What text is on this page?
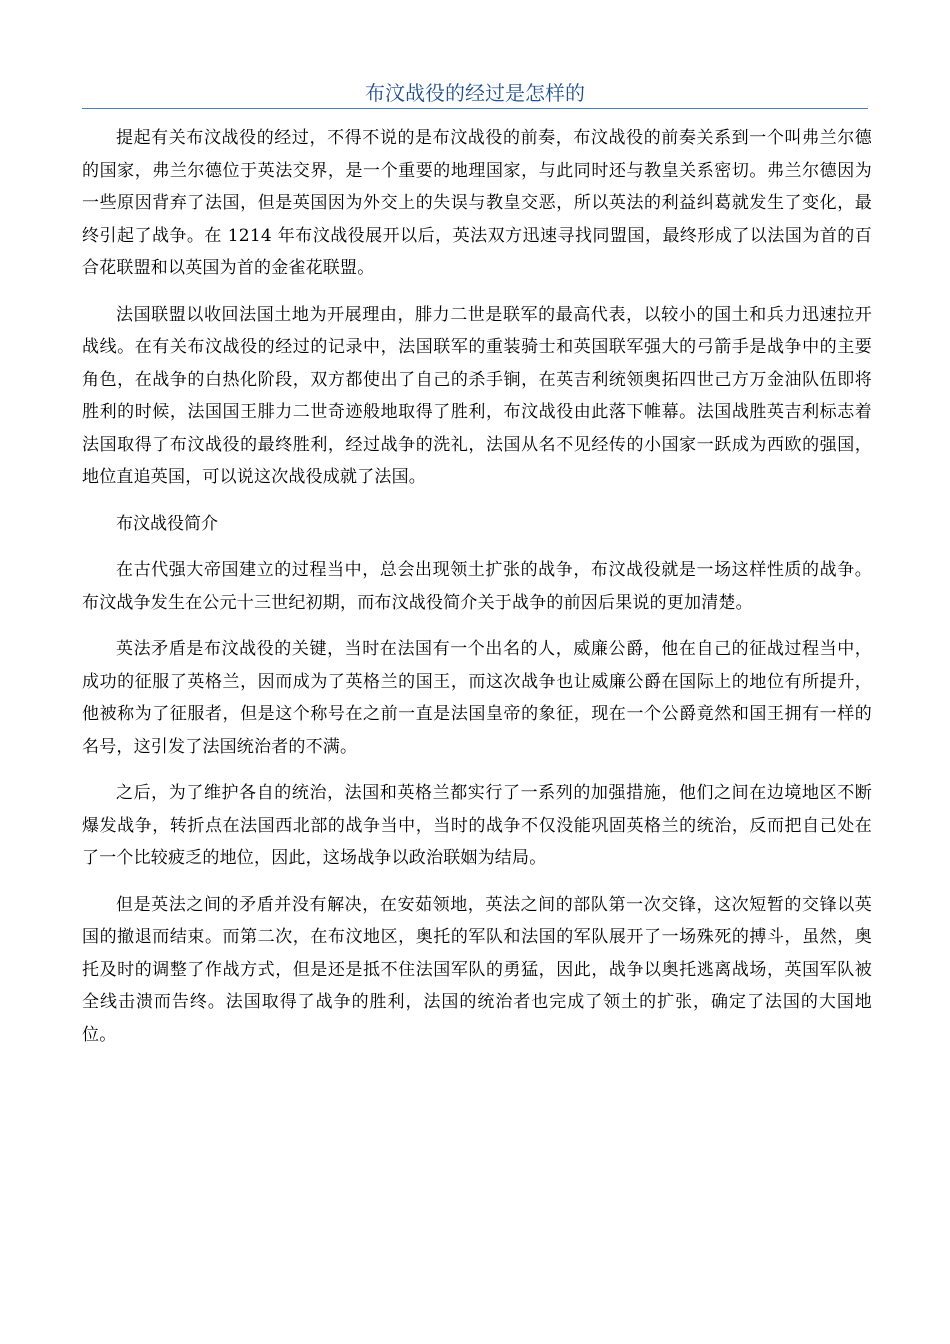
布汶战役的经过是怎样的

提起有关布汶战役的经过，不得不说的是布汶战役的前奏，布汶战役的前奏关系到一个叫弗兰尔德的国家，弗兰尔德位于英法交界，是一个重要的地理国家，与此同时还与教皇关系密切。弗兰尔德因为一些原因背弃了法国，但是英国因为外交上的失误与教皇交恶，所以英法的利益纠葛就发生了变化，最终引起了战争。在 1214 年布汶战役展开以后，英法双方迅速寻找同盟国，最终形成了以法国为首的百合花联盟和以英国为首的金雀花联盟。

法国联盟以收回法国土地为开展理由，腓力二世是联军的最高代表，以较小的国土和兵力迅速拉开战线。在有关布汶战役的经过的记录中，法国联军的重装骑士和英国联军强大的弓箭手是战争中的主要角色，在战争的白热化阶段，双方都使出了自己的杀手锏，在英吉利统领奥拓四世己方万金油队伍即将胜利的时候，法国国王腓力二世奇迹般地取得了胜利，布汶战役由此落下帷幕。法国战胜英吉利标志着法国取得了布汶战役的最终胜利，经过战争的洗礼，法国从名不见经传的小国家一跃成为西欧的强国，地位直追英国，可以说这次战役成就了法国。

布汶战役简介

在古代强大帝国建立的过程当中，总会出现领土扩张的战争，布汶战役就是一场这样性质的战争。布汶战争发生在公元十三世纪初期，而布汶战役简介关于战争的前因后果说的更加清楚。

英法矛盾是布汶战役的关键，当时在法国有一个出名的人，威廉公爵，他在自己的征战过程当中，成功的征服了英格兰，因而成为了英格兰的国王，而这次战争也让威廉公爵在国际上的地位有所提升，他被称为了征服者，但是这个称号在之前一直是法国皇帝的象征，现在一个公爵竟然和国王拥有一样的名号，这引发了法国统治者的不满。

之后，为了维护各自的统治，法国和英格兰都实行了一系列的加强措施，他们之间在边境地区不断爆发战争，转折点在法国西北部的战争当中，当时的战争不仅没能巩固英格兰的统治，反而把自己处在了一个比较疲乏的地位，因此，这场战争以政治联姻为结局。

但是英法之间的矛盾并没有解决，在安茹领地，英法之间的部队第一次交锋，这次短暂的交锋以英国的撤退而结束。而第二次，在布汶地区，奥托的军队和法国的军队展开了一场殊死的搏斗，虽然，奥托及时的调整了作战方式，但是还是抵不住法国军队的勇猛，因此，战争以奥托逃离战场，英国军队被全线击溃而告终。法国取得了战争的胜利，法国的统治者也完成了领土的扩张，确定了法国的大国地位。
